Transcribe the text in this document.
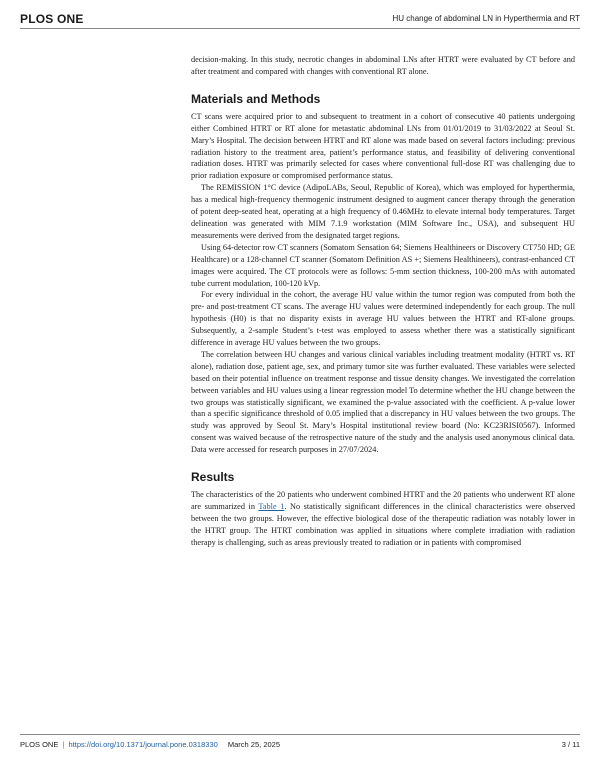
PLOS ONE	HU change of abdominal LN in Hyperthermia and RT

decision-making. In this study, necrotic changes in abdominal LNs after HTRT were evaluated by CT before and after treatment and compared with changes with conventional RT alone.

Materials and Methods

CT scans were acquired prior to and subsequent to treatment in a cohort of consecutive 40 patients undergoing either Combined HTRT or RT alone for metastatic abdominal LNs from 01/01/2019 to 31/03/2022 at Seoul St. Mary’s Hospital. The decision between HTRT and RT alone was made based on several factors including: previous radiation history to the treatment area, patient’s performance status, and feasibility of delivering conventional radiation doses. HTRT was primarily selected for cases where conventional full-dose RT was challenging due to prior radiation exposure or compromised performance status.

The REMISSION 1°C device (AdipoLABs, Seoul, Republic of Korea), which was employed for hyperthermia, has a medical high-frequency thermogenic instrument designed to augment cancer therapy through the generation of potent deep-seated heat, operating at a high frequency of 0.46MHz to elevate internal body temperatures. Target delineation was generated with MIM 7.1.9 workstation (MIM Software Inc., USA), and subsequent HU measurements were derived from the designated target regions.

Using 64-detector row CT scanners (Somatom Sensation 64; Siemens Healthineers or Discovery CT750 HD; GE Healthcare) or a 128-channel CT scanner (Somatom Definition AS +; Siemens Healthineers), contrast-enhanced CT images were acquired. The CT protocols were as follows: 5-mm section thickness, 100-200 mAs with automated tube current modulation, 100-120 kVp.

For every individual in the cohort, the average HU value within the tumor region was computed from both the pre- and post-treatment CT scans. The average HU values were determined independently for each group. The null hypothesis (H0) is that no disparity exists in average HU values between the HTRT and RT-alone groups. Subsequently, a 2-sample Student’s t-test was employed to assess whether there was a statistically significant difference in average HU values between the two groups.

The correlation between HU changes and various clinical variables including treatment modality (HTRT vs. RT alone), radiation dose, patient age, sex, and primary tumor site was further evaluated. These variables were selected based on their potential influence on treatment response and tissue density changes. We investigated the correlation between variables and HU values using a linear regression model To determine whether the HU change between the two groups was statistically significant, we examined the p-value associated with the coefficient. A p-value lower than a specific significance threshold of 0.05 implied that a discrepancy in HU values between the two groups. The study was approved by Seoul St. Mary’s Hospital institutional review board (No: KC23RISI0567). Informed consent was waived because of the retrospective nature of the study and the analysis used anonymous clinical data. Data were accessed for research purposes in 27/07/2024.

Results

The characteristics of the 20 patients who underwent combined HTRT and the 20 patients who underwent RT alone are summarized in Table 1. No statistically significant differences in the clinical characteristics were observed between the two groups. However, the effective biological dose of the therapeutic radiation was notably lower in the HTRT group. The HTRT combination was applied in situations where complete irradiation with radiation therapy is challenging, such as areas previously treated to radiation or in patients with compromised

PLOS ONE | https://doi.org/10.1371/journal.pone.0318330 March 25, 2025	3 / 11
